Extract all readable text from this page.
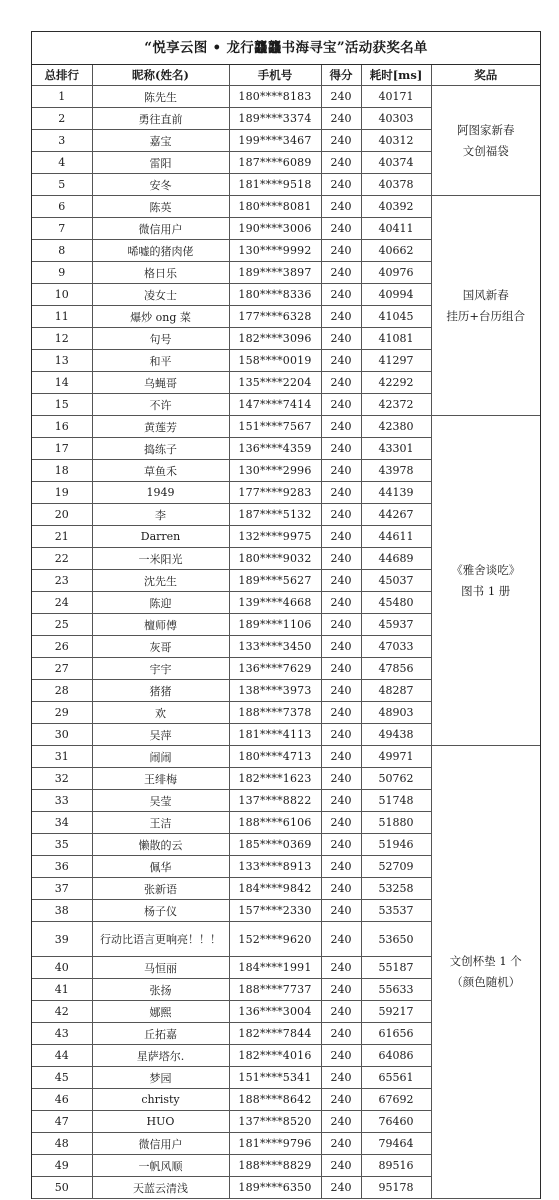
“悦享云图 • 龙行龘龘书海寻宝”活动获奖名单
总排行	昵称(姓名)	手机号	得分	耗时[ms]	奖品
1	陈先生	180****8183	240	40171	阿图家新春
文创福袋

2	勇往直前	189****3374	240	40303	
3	嘉宝	199****3467	240	40312	
4	雷阳	187****6089	240	40374	
5	安冬	181****9518	240	40378	
6	陈英	180****8081	240	40392	国风新春
挂历+台历组合

7	微信用户	190****3006	240	40411	
8	唏嘘的猪肉佬	130****9992	240	40662	
9	格日乐	189****3897	240	40976	
10	凌女士	180****8336	240	40994	
11	爆炒 ong 菜	177****6328	240	41045	
12	句号	182****3096	240	41081	
13	和平	158****0019	240	41297	
14	乌蝇哥	135****2204	240	42292	
15	不许	147****7414	240	42372	
16	黄莲芳	151****7567	240	42380	《雅舍谈吃》
图书 1 册

17	捣练子	136****4359	240	43301	
18	草鱼禾	130****2996	240	43978	
19	1949	177****9283	240	44139	
20	李	187****5132	240	44267	
21	Darren	132****9975	240	44611	
22	一米阳光	180****9032	240	44689	
23	沈先生	189****5627	240	45037	
24	陈迎	139****4668	240	45480	
25	檀师傅	189****1106	240	45937	
26	灰哥	133****3450	240	47033	
27	宇宇	136****7629	240	47856	
28	猪猪	138****3973	240	48287	
29	欢	188****7378	240	48903	
30	吴萍	181****4113	240	49438	
31	闹闹	180****4713	240	49971	文创杯垫 1 个
（颜色随机）

32	王绯梅	182****1623	240	50762	
33	吴莹	137****8822	240	51748	
34	王洁	188****6106	240	51880	
35	懒散的云	185****0369	240	51946	
36	佩华	133****8913	240	52709	
37	张新语	184****9842	240	53258	
38	杨子仪	157****2330	240	53537	
39	行动比语言更响亮！！！	152****9620	240	53650	
40	马恒丽	184****1991	240	55187	
41	张扬	188****7737	240	55633	
42	娜熙	136****3004	240	59217	
43	丘拓嘉	182****7844	240	61656	
44	星萨塔尔.	182****4016	240	64086	
45	梦园	151****5341	240	65561	
46	christy	188****8642	240	67692	
47	HUO	137****8520	240	76460	
48	微信用户	181****9796	240	79464	
49	一帆风顺	188****8829	240	89516	
50	天蓝云清浅	189****6350	240	95178	
